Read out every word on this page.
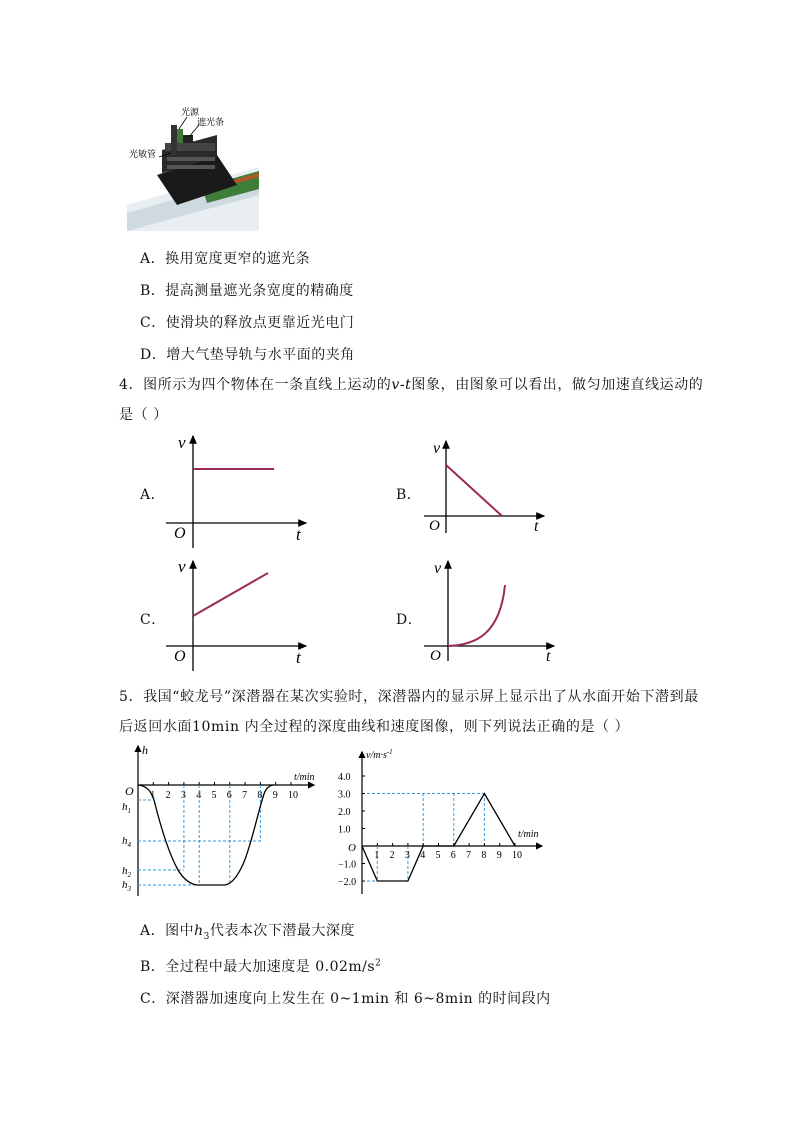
光源
遮光条
光敏管
A．换用宽度更窄的遮光条
B．提高测量遮光条宽度的精确度
C．使滑块的释放点更靠近光电门
D．增大气垫导轨与水平面的夹角
4．图所示为四个物体在一条直线上运动的v-t图象，由图象可以看出，做匀加速直线运动的
是（ ）
A．	B．
C．	D．
v
t
O
v
t
O
v
t
O
v
t
O
5．我国“蛟龙号”深潜器在某次实验时，深潜器内的显示屏上显示出了从水面开始下潜到最
后返回水面10min 内全过程的深度曲线和速度图像，则下列说法正确的是（ ）
1 2 3 4 5 6 7 8 9 10
h
t/min
O
$h_1$
$h_4$
$h_2$
$h_3$
1 2 3 4 5 6 7 8 9 10
4.0
3.0
2.0
1.0
−1.0
−2.0
$v/m\cdot s^{-1}$
t/min
O
A．图中$h_3$代表本次下潜最大深度
B．全过程中最大加速度是 $0.02m/s^2$
C．深潜器加速度向上发生在 0~1min 和 6~8min 的时间段内
